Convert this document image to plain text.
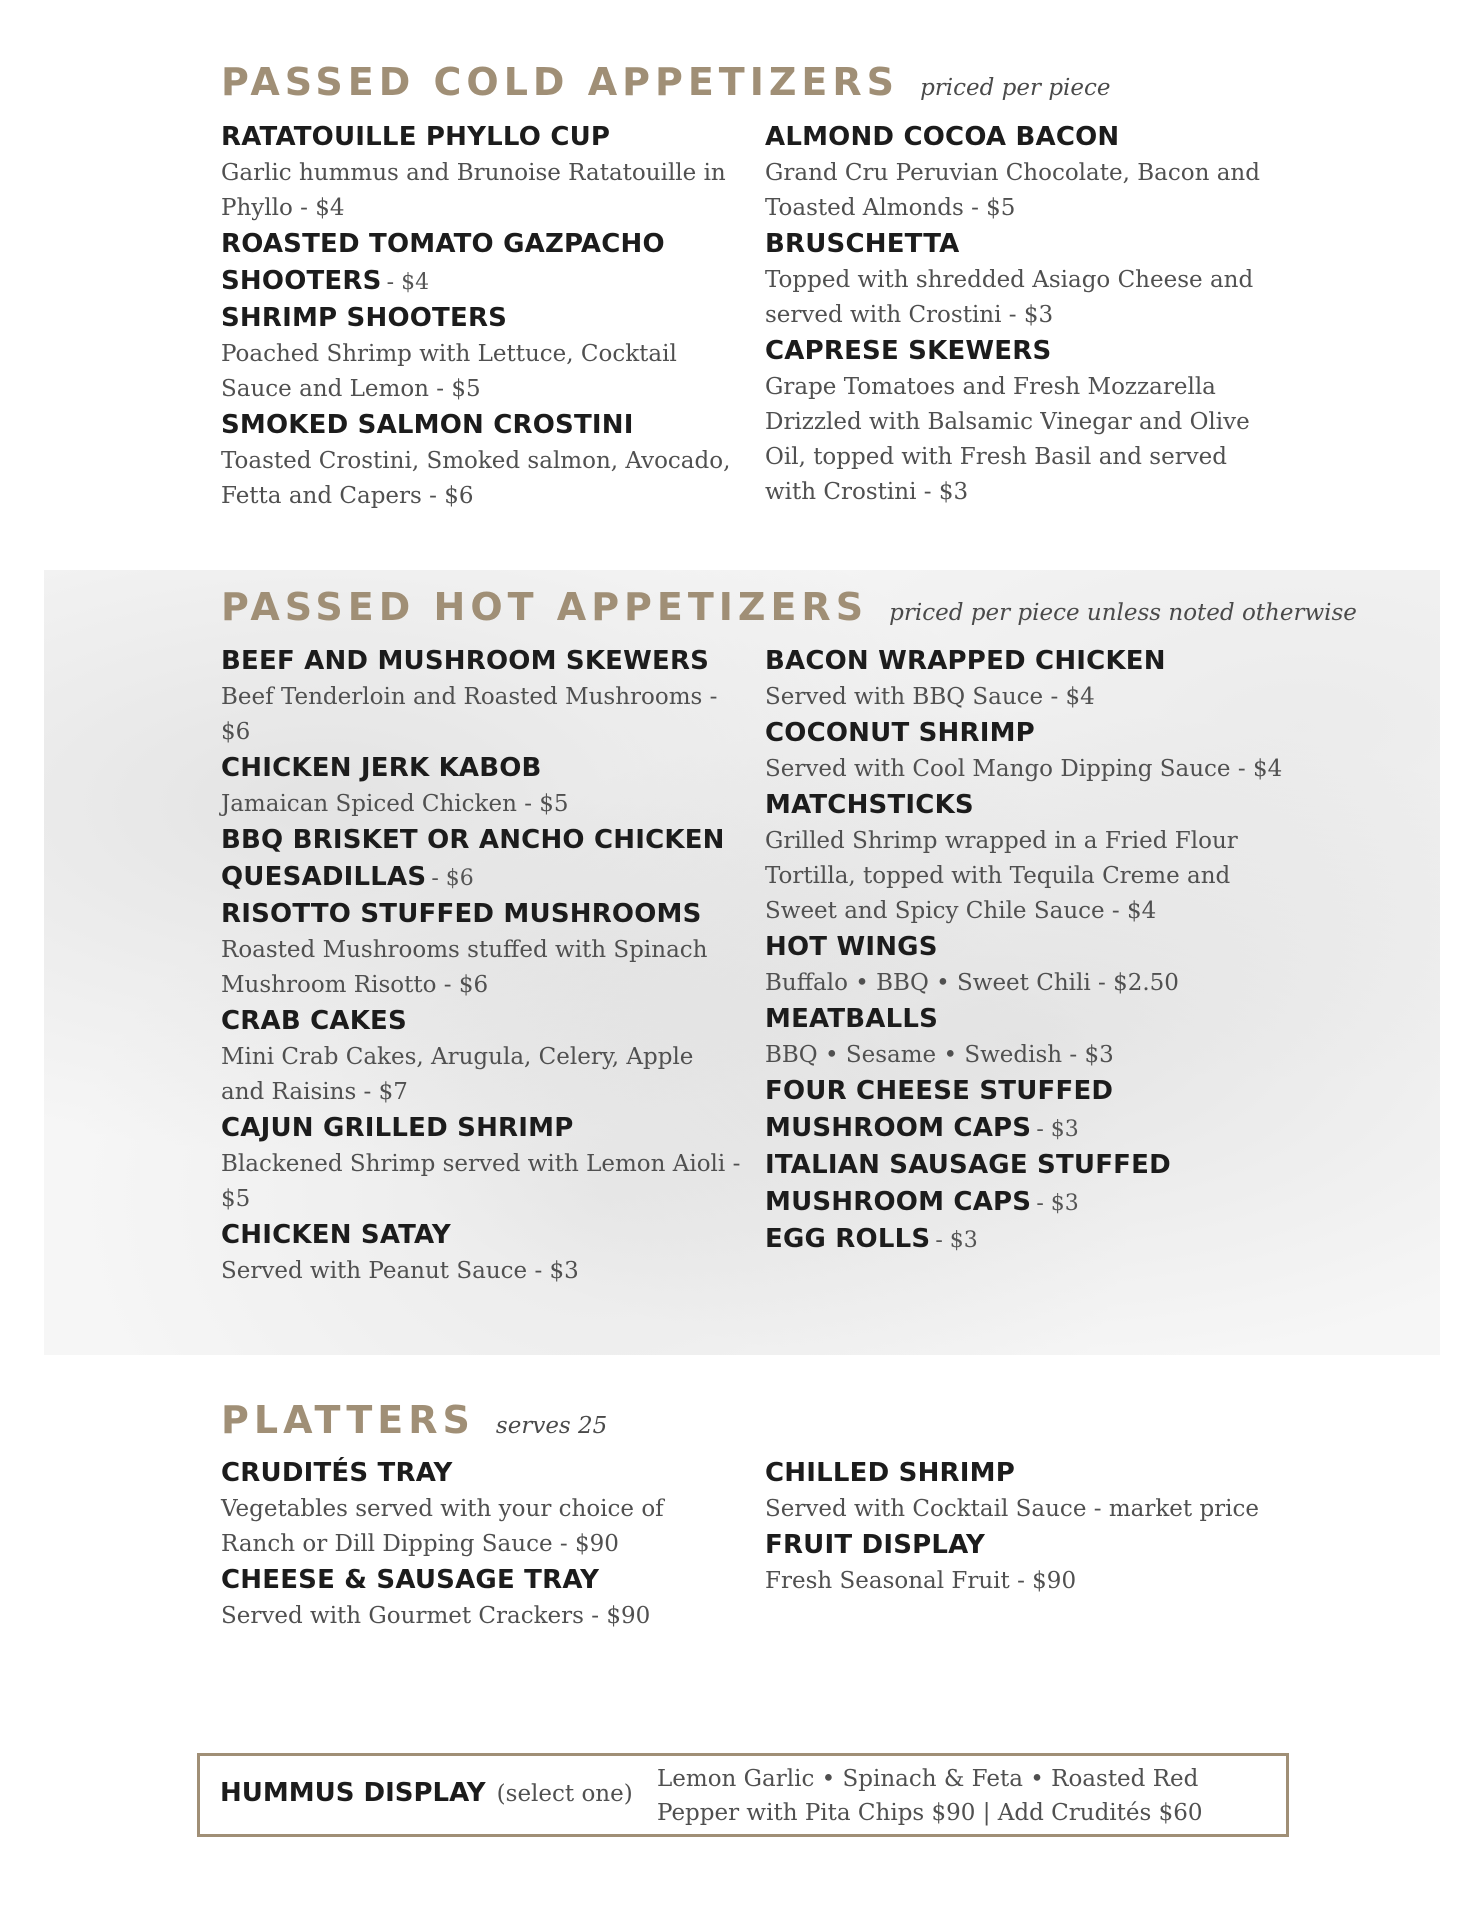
PASSED COLD APPETIZERS priced per piece
RATATOUILLE PHYLLO CUP
Garlic hummus and Brunoise Ratatouille in Phyllo - $4
ROASTED TOMATO GAZPACHO SHOOTERS - $4
SHRIMP SHOOTERS
Poached Shrimp with Lettuce, Cocktail Sauce and Lemon - $5
SMOKED SALMON CROSTINI
Toasted Crostini, Smoked salmon, Avocado, Fetta and Capers - $6
ALMOND COCOA BACON
Grand Cru Peruvian Chocolate, Bacon and Toasted Almonds - $5
BRUSCHETTA
Topped with shredded Asiago Cheese and served with Crostini - $3
CAPRESE SKEWERS
Grape Tomatoes and Fresh Mozzarella Drizzled with Balsamic Vinegar and Olive Oil, topped with Fresh Basil and served with Crostini - $3
PASSED HOT APPETIZERS priced per piece unless noted otherwise
BEEF AND MUSHROOM SKEWERS
Beef Tenderloin and Roasted Mushrooms - $6
CHICKEN JERK KABOB
Jamaican Spiced Chicken - $5
BBQ BRISKET OR ANCHO CHICKEN QUESADILLAS - $6
RISOTTO STUFFED MUSHROOMS
Roasted Mushrooms stuffed with Spinach Mushroom Risotto - $6
CRAB CAKES
Mini Crab Cakes, Arugula, Celery, Apple and Raisins - $7
CAJUN GRILLED SHRIMP
Blackened Shrimp served with Lemon Aioli - $5
CHICKEN SATAY
Served with Peanut Sauce - $3
BACON WRAPPED CHICKEN
Served with BBQ Sauce - $4
COCONUT SHRIMP
Served with Cool Mango Dipping Sauce - $4
MATCHSTICKS
Grilled Shrimp wrapped in a Fried Flour Tortilla, topped with Tequila Creme and Sweet and Spicy Chile Sauce - $4
HOT WINGS
Buffalo • BBQ • Sweet Chili - $2.50
MEATBALLS
BBQ • Sesame • Swedish - $3
FOUR CHEESE STUFFED MUSHROOM CAPS - $3
ITALIAN SAUSAGE STUFFED MUSHROOM CAPS - $3
EGG ROLLS - $3
PLATTERS serves 25
CRUDITÉS TRAY
Vegetables served with your choice of Ranch or Dill Dipping Sauce - $90
CHEESE & SAUSAGE TRAY
Served with Gourmet Crackers - $90
CHILLED SHRIMP
Served with Cocktail Sauce - market price
FRUIT DISPLAY
Fresh Seasonal Fruit - $90
HUMMUS DISPLAY (select one)
Lemon Garlic • Spinach & Feta • Roasted Red Pepper with Pita Chips $90 | Add Crudités $60
